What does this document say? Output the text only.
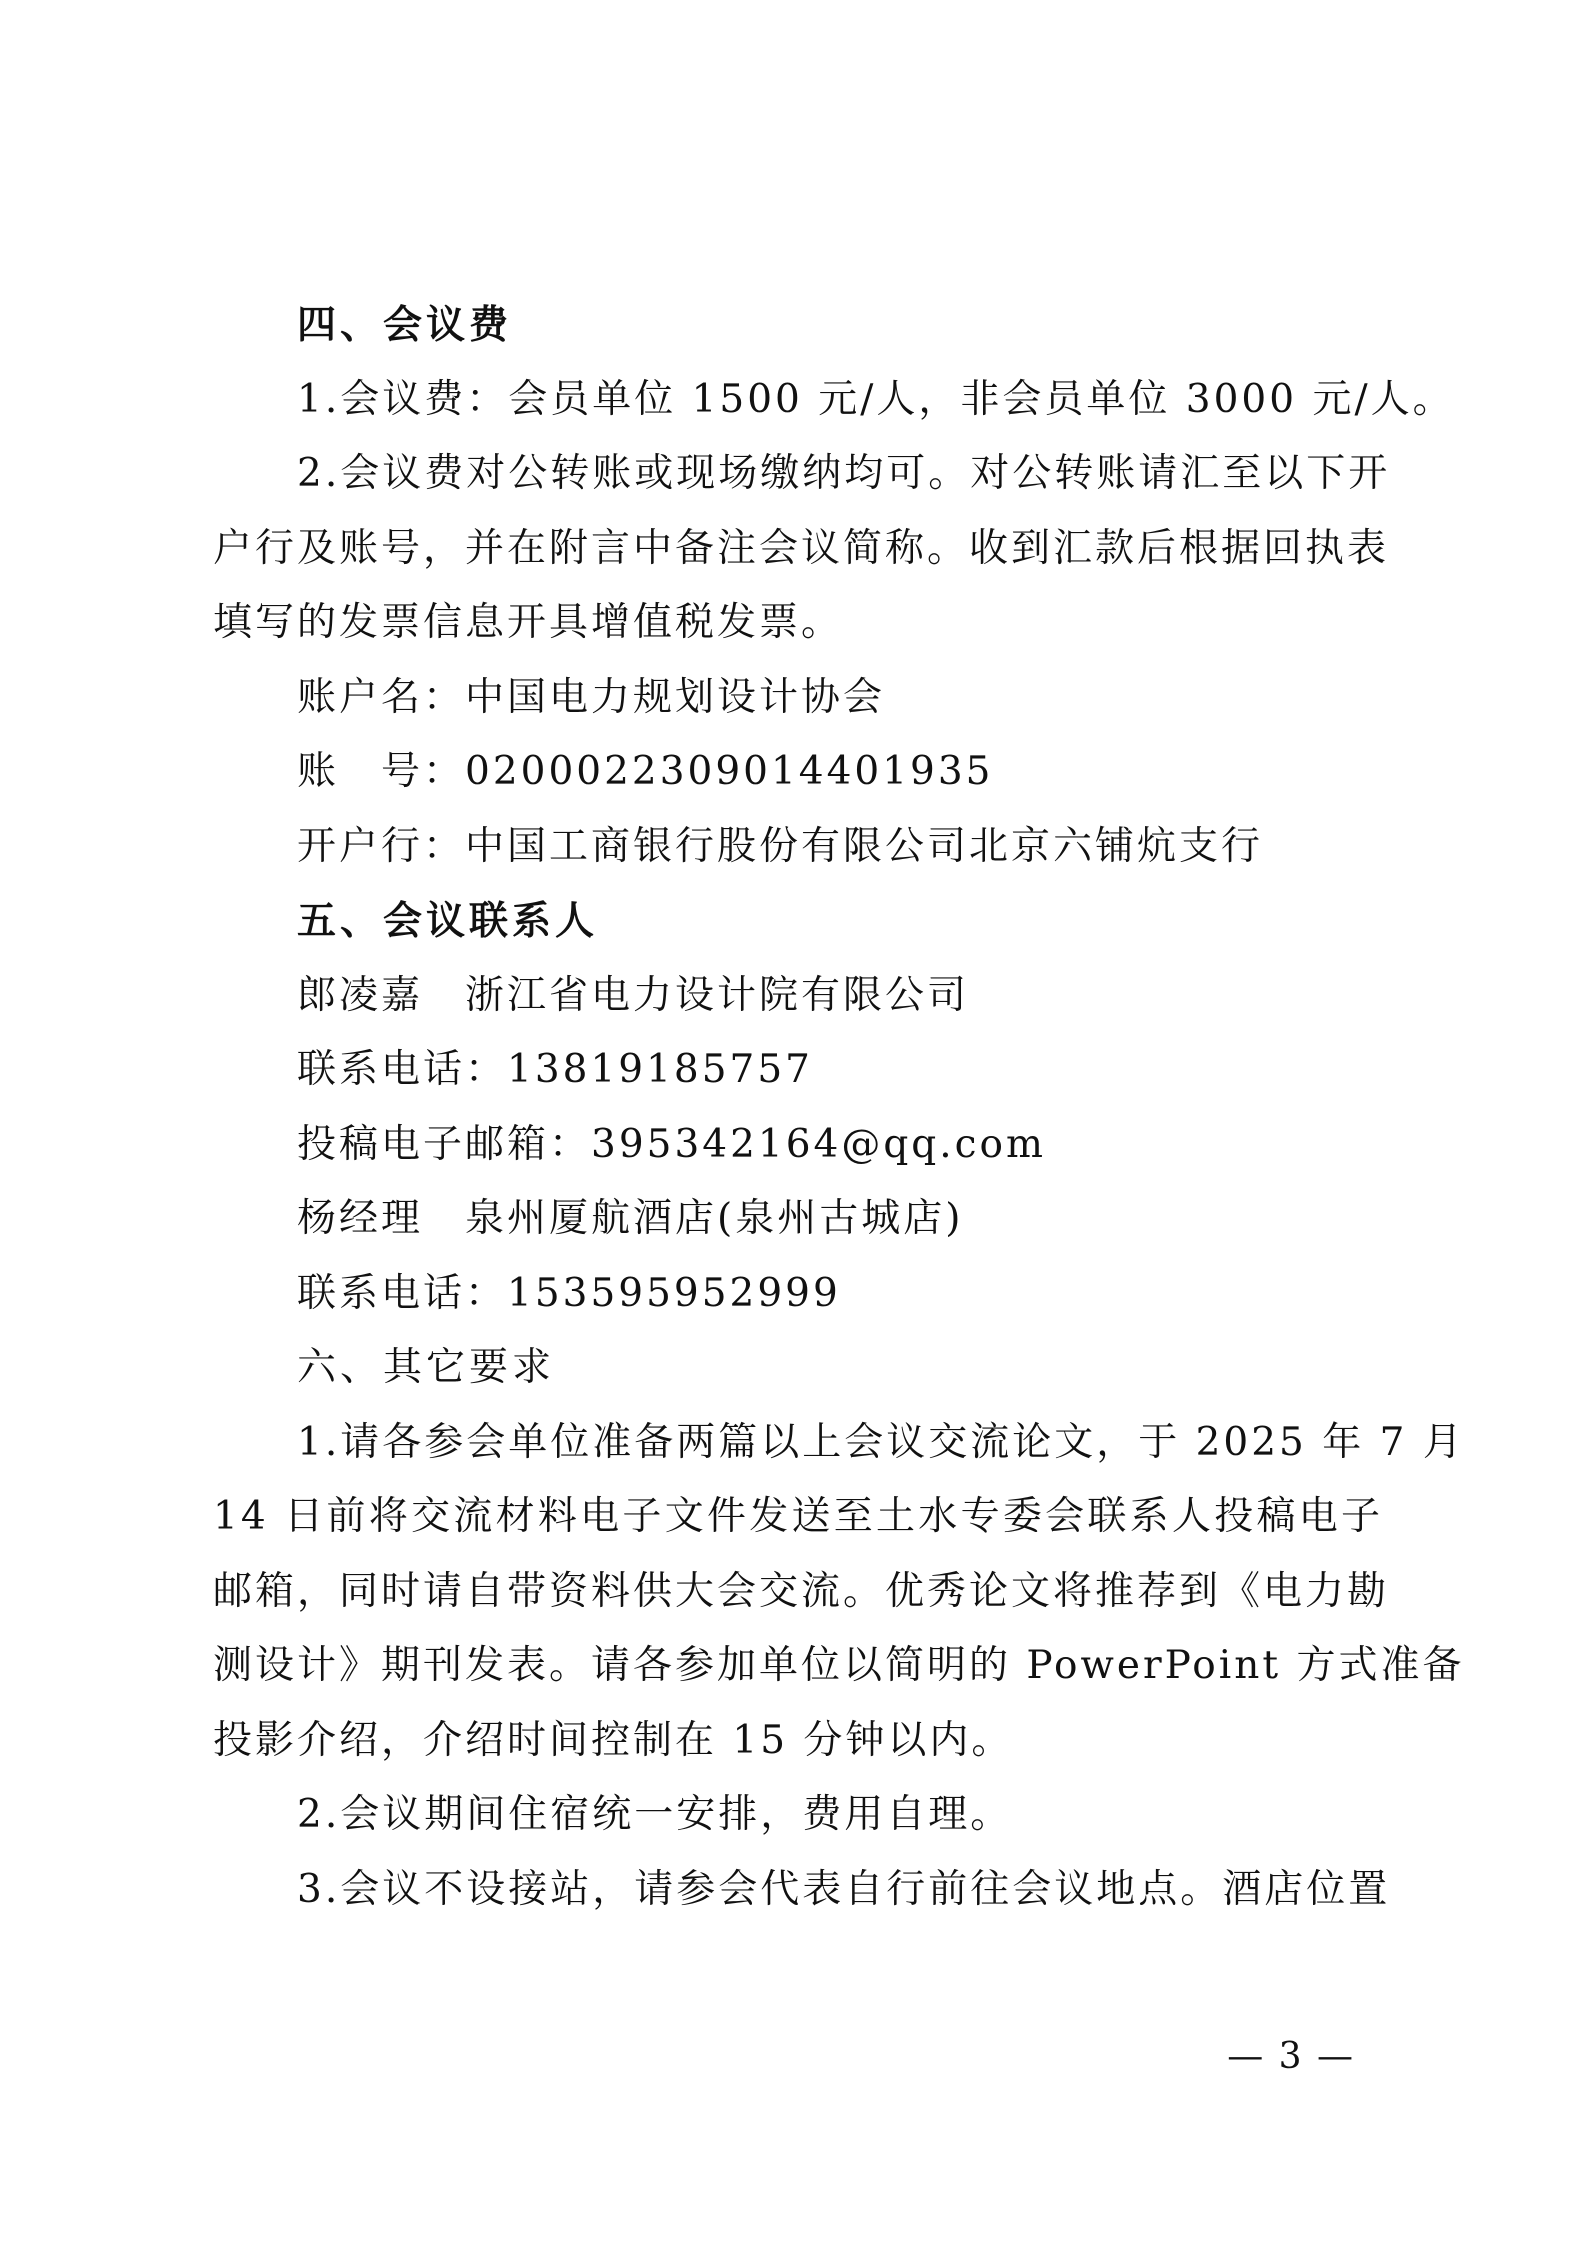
四、会议费
1.会议费：会员单位 1500 元/人，非会员单位 3000 元/人。
2.会议费对公转账或现场缴纳均可。对公转账请汇至以下开
户行及账号，并在附言中备注会议简称。收到汇款后根据回执表
填写的发票信息开具增值税发票。
账户名：中国电力规划设计协会
账　号：0200022309014401935
开户行：中国工商银行股份有限公司北京六铺炕支行
五、会议联系人
郎凌嘉　浙江省电力设计院有限公司
联系电话：13819185757
投稿电子邮箱：395342164@qq.com
杨经理　泉州厦航酒店(泉州古城店)
联系电话：15359595​2999
六、其它要求
1.请各参会单位准备两篇以上会议交流论文，于 2025 年 7 月
14 日前将交流材料电子文件发送至土水专委会联系人投稿电子
邮箱，同时请自带资料供大会交流。优秀论文将推荐到《电力勘
测设计》期刊发表。请各参加单位以简明的 PowerPoint 方式准备
投影介绍，介绍时间控制在 15 分钟以内。
2.会议期间住宿统一安排，费用自理。
3.会议不设接站，请参会代表自行前往会议地点。酒店位置
— 3 —
